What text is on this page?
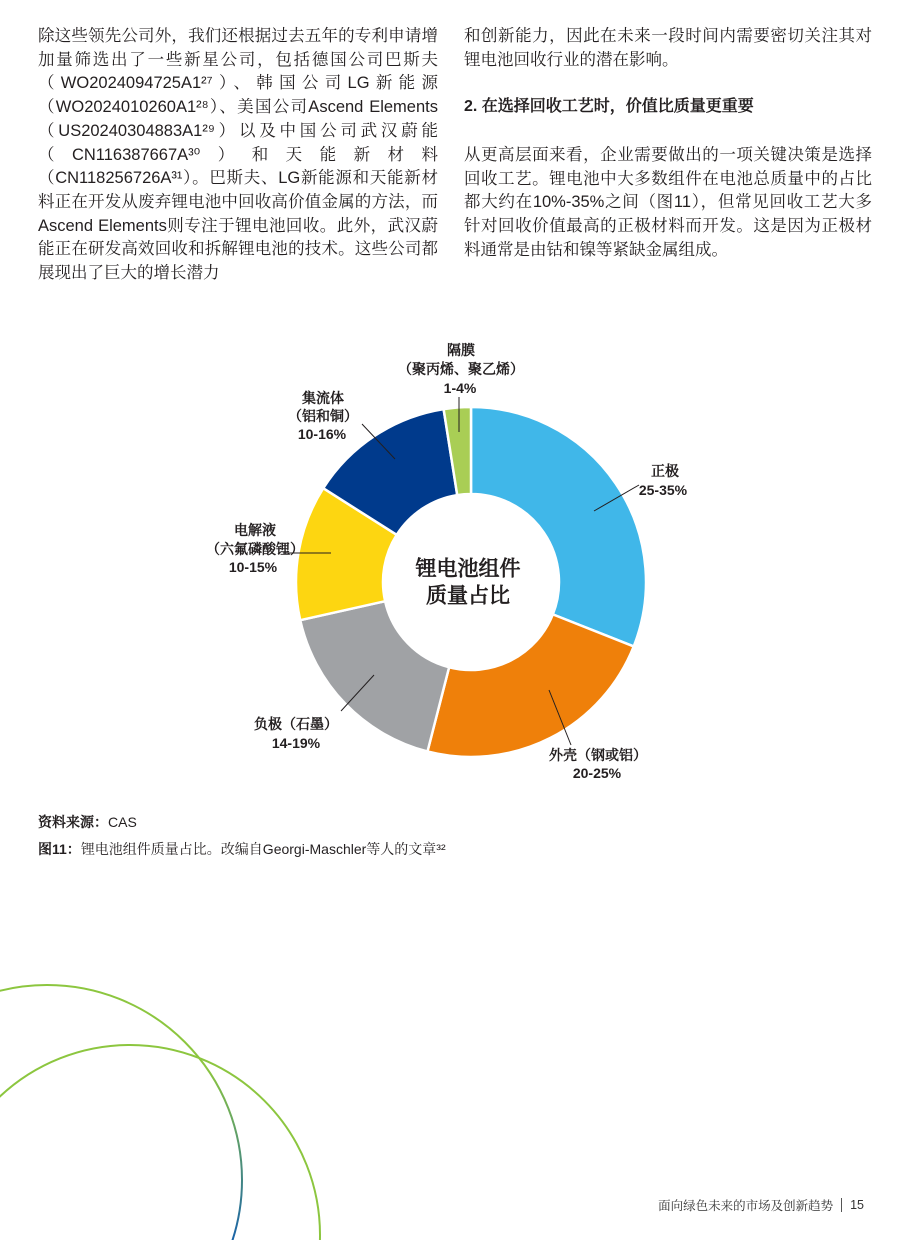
除这些领先公司外，我们还根据过去五年的专利申请增加量筛选出了一些新星公司，包括德国公司巴斯夫（WO2024094725A1²⁷）、韩国公司LG新能源（WO2024010260A1²⁸）、美国公司Ascend Elements（US20240304883A1²⁹）以及中国公司武汉蔚能（CN116387667A³⁰）和天能新材料（CN118256726A³¹）。巴斯夫、LG新能源和天能新材料正在开发从废弃锂电池中回收高价值金属的方法，而Ascend Elements则专注于锂电池回收。此外，武汉蔚能正在研发高效回收和拆解锂电池的技术。这些公司都展现出了巨大的增长潜力

和创新能力，因此在未来一段时间内需要密切关注其对锂电池回收行业的潜在影响。

2. 在选择回收工艺时，价值比质量更重要

从更高层面来看，企业需要做出的一项关键决策是选择回收工艺。锂电池中大多数组件在电池总质量中的占比都大约在10%-35%之间（图11），但常见回收工艺大多针对回收价值最高的正极材料而开发。这是因为正极材料通常是由钴和镍等紧缺金属组成。

锂电池组件
质量占比
正极
25-35%
外壳（钢或铝）
20-25%
负极（石墨）
14-19%
电解液
（六氟磷酸锂）
10-15%
集流体
（铝和铜）
10-16%
隔膜
（聚丙烯、聚乙烯）
1-4%
资料来源：CAS
图11：锂电池组件质量占比。改编自Georgi-Maschler等人的文章³²
面向绿色未来的市场及创新趋势 15
